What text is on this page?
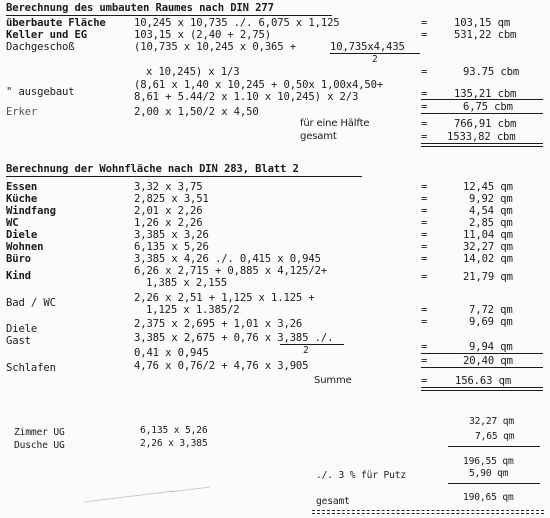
Berechnung des umbauten Raumes nach DIN 277
überbaute Fläche	10,245 x 10,735 ./. 6,075 x 1,125	=	103,15 qm
Keller und EG	103,15 x (2,40 + 2,75)	=	531,22 cbm
Dachgeschoß	(10,735 x 10,245 x 0,365 +	10,735x4,435
2
x 10,245) x 1/3	=	93.75 cbm
" ausgebaut
(8,61 x 1,40 x 10,245 + 0,50x 1,00x4,50+
8,61 + 5.44/2 x 1.10 x 10,245) x 2/3	=	135,21 cbm
=	6,75 cbm
Erker	2,00 x 1,50/2 x 4,50
für eine Hälfte	=	766,91 cbm
gesamt	= 1533,82 cbm
Berechnung der Wohnfläche nach DIN 283, Blatt 2
Essen	3,32 x 3,75	=	12,45 qm
Küche	2,825 x 3,51	=	9,92 qm
Windfang	2,01 x 2,26	=	4,54 qm
WC	1,26 x 2,26	=	2,85 qm
Diele	3,385 x 3,26	=	11,04 qm
Wohnen	6,135 x 5,26	=	32,27 qm
Büro	3,385 x 4,26 ./. 0,415 x 0,945	=	14,02 qm
Kind	6,26 x 2,715 + 0,885 x 4,125/2+
1,385 x 2,155	=	21,79 qm
Bad / WC	2,26 x 2,51 + 1,125 x 1.125 +
1,125 x 1.385/2	=	7,72 qm
Diele	2,375 x 2,695 + 1,01 x 3,26	=	9,69 qm
Gast	3,385 x 2,675 + 0,76 x 3,385 ./.
2
0,41 x 0,945	=	9,94 qm
Schlafen	4,76 x 0,76/2 + 4,76 x 3,905	=	20,40 qm
Summe	=	156.63 qm
Zimmer UG	6,135 x 5,26
32,27 qm
Dusche UG	2,26 x 3,385
7,65 qm
196,55 qm
./. 3 % für Putz	5,90 qm
gesamt	190,65 qm
